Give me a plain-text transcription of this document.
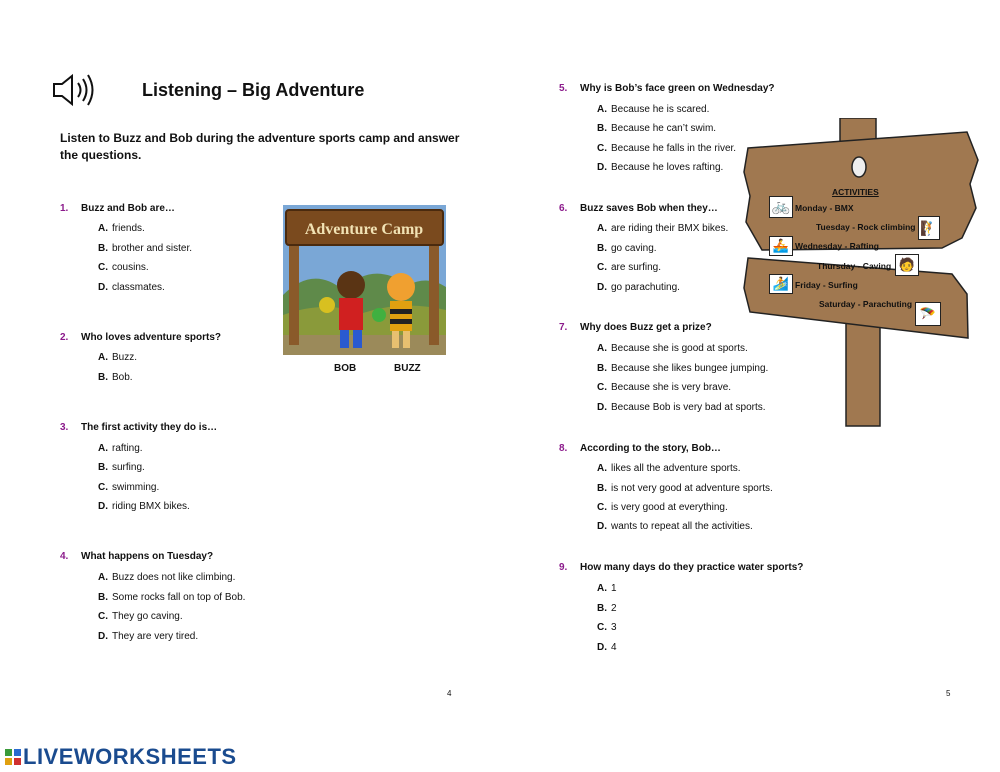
Listening – Big Adventure
Listen to Buzz and Bob during the adventure sports camp and answer the questions.
1. Buzz and Bob are…
A. friends.
B. brother and sister.
C. cousins.
D. classmates.
2. Who loves adventure sports?
A. Buzz.
B. Bob.
3. The first activity they do is…
A. rafting.
B. surfing.
C. swimming.
D. riding BMX bikes.
4. What happens on Tuesday?
A. Buzz does not like climbing.
B. Some rocks fall on top of Bob.
C. They go caving.
D. They are very tired.
Adventure Camp
BOB	BUZZ
5. Why is Bob’s face green on Wednesday?
A. Because he is scared.
B. Because he can’t swim.
C. Because he falls in the river.
D. Because he loves rafting.
6. Buzz saves Bob when they…
A. are riding their BMX bikes.
B. go caving.
C. are surfing.
D. go parachuting.
ACTIVITIES
🚲 Monday - BMX
Tuesday - Rock climbing 🧗
🚣 Wednesday - Rafting
Thursday - Caving 🧑
🏄 Friday - Surfing
Saturday - Parachuting
🪂
7. Why does Buzz get a prize?
A. Because she is good at sports.
B. Because she likes bungee jumping.
C. Because she is very brave.
D. Because Bob is very bad at sports.
8. According to the story, Bob…
A. likes all the adventure sports.
B. is not very good at adventure sports.
C. is very good at everything.
D. wants to repeat all the activities.
9. How many days do they practice water sports?
A. 1
B. 2
C. 3
D. 4
4	5
LIVEWORKSHEETS
